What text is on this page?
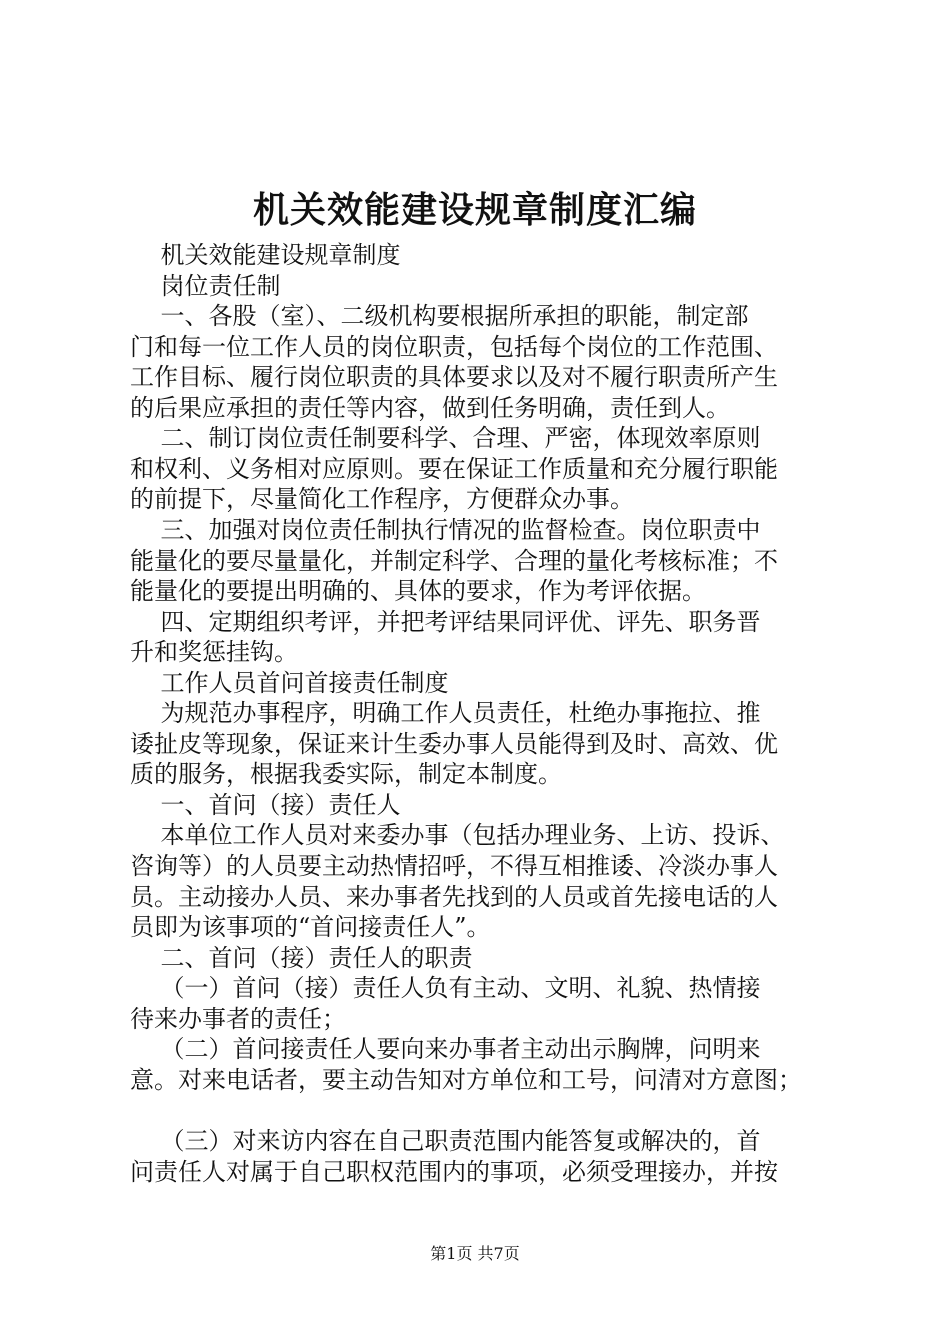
机关效能建设规章制度汇编
机关效能建设规章制度
岗位责任制
一、各股（室）、二级机构要根据所承担的职能，制定部
门和每一位工作人员的岗位职责，包括每个岗位的工作范围、
工作目标、履行岗位职责的具体要求以及对不履行职责所产生
的后果应承担的责任等内容，做到任务明确，责任到人。
二、制订岗位责任制要科学、合理、严密，体现效率原则
和权利、义务相对应原则。要在保证工作质量和充分履行职能
的前提下，尽量简化工作程序，方便群众办事。
三、加强对岗位责任制执行情况的监督检查。岗位职责中
能量化的要尽量量化，并制定科学、合理的量化考核标准；不
能量化的要提出明确的、具体的要求，作为考评依据。
四、定期组织考评，并把考评结果同评优、评先、职务晋
升和奖惩挂钩。
工作人员首问首接责任制度
为规范办事程序，明确工作人员责任，杜绝办事拖拉、推
诿扯皮等现象，保证来计生委办事人员能得到及时、高效、优
质的服务，根据我委实际，制定本制度。
一、首问（接）责任人
本单位工作人员对来委办事（包括办理业务、上访、投诉、
咨询等）的人员要主动热情招呼，不得互相推诿、冷淡办事人
员。主动接办人员、来办事者先找到的人员或首先接电话的人
员即为该事项的“首问接责任人”。
二、首问（接）责任人的职责
（一）首问（接）责任人负有主动、文明、礼貌、热情接
待来办事者的责任；
（二）首问接责任人要向来办事者主动出示胸牌，问明来
意。对来电话者，要主动告知对方单位和工号，问清对方意图；
（三）对来访内容在自己职责范围内能答复或解决的，首
问责任人对属于自己职权范围内的事项，必须受理接办，并按
第1页 共7页
